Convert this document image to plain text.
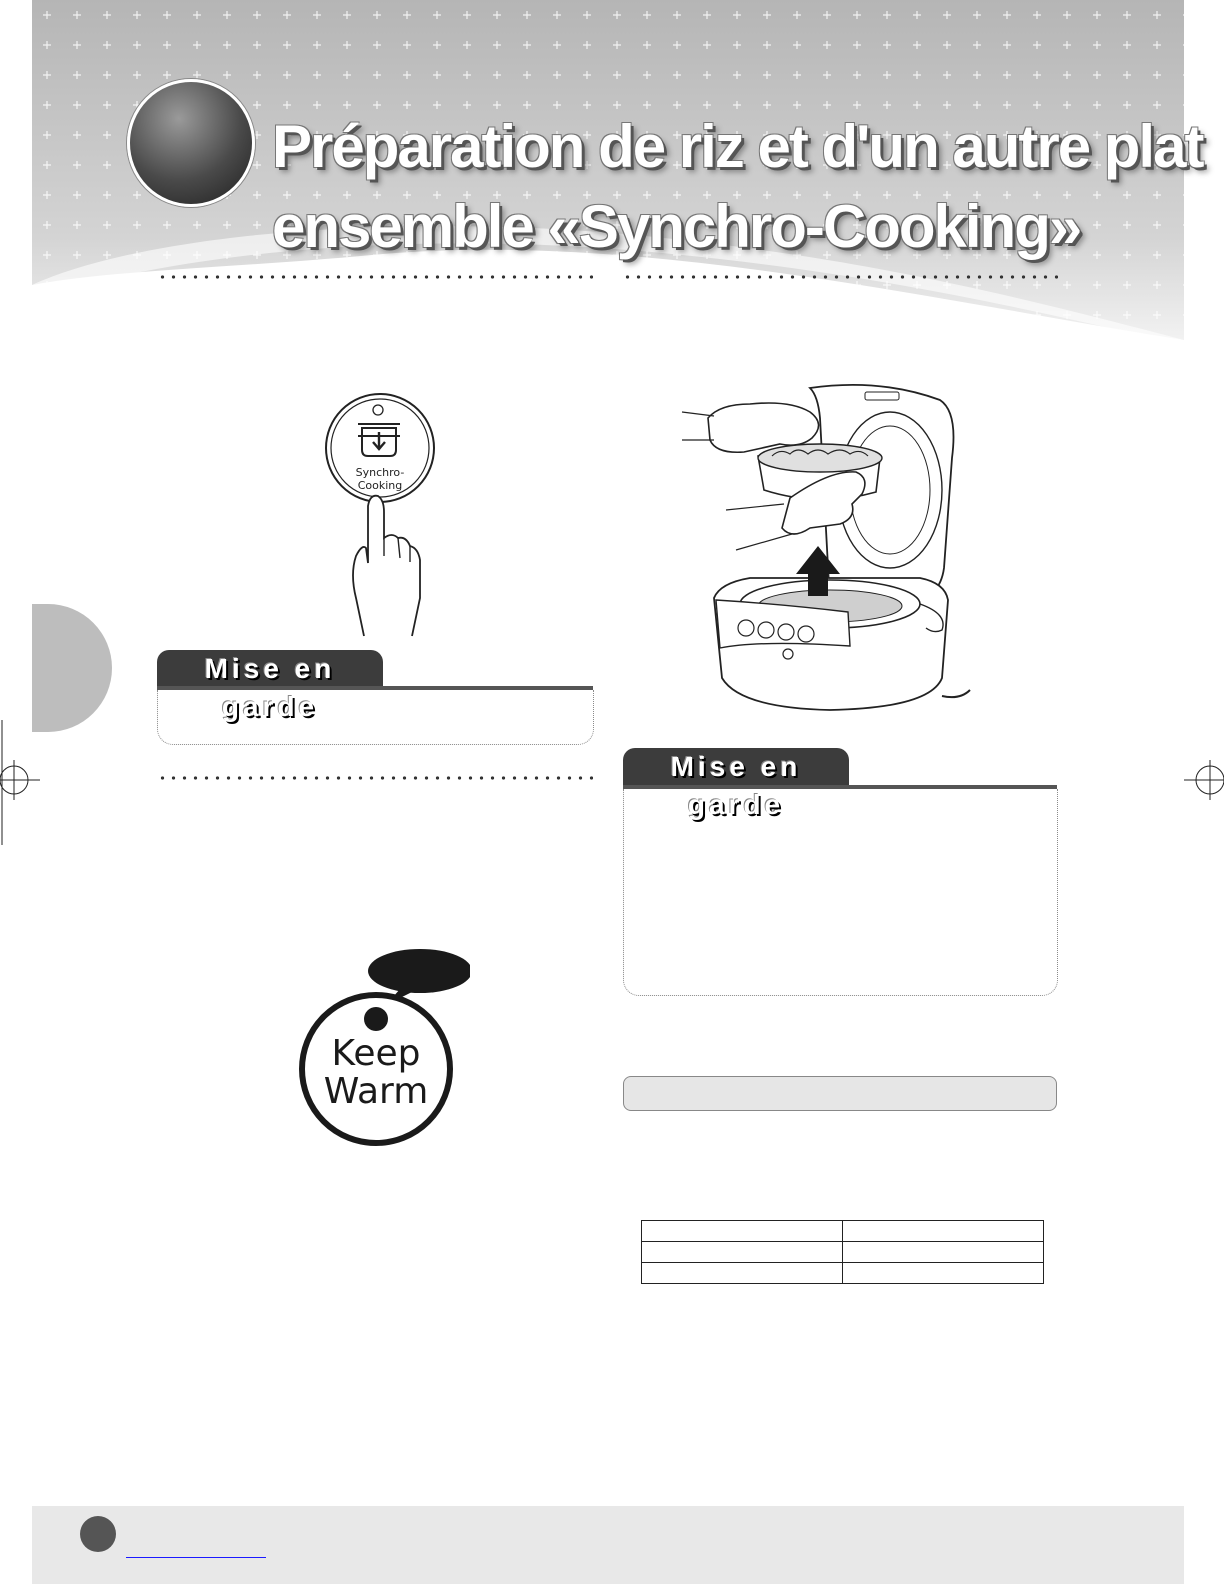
Préparation de riz et d'un autre plat
ensemble «Synchro-Cooking»
Synchro-
Cooking
Mise en garde
Keep
Warm
Mise en garde
